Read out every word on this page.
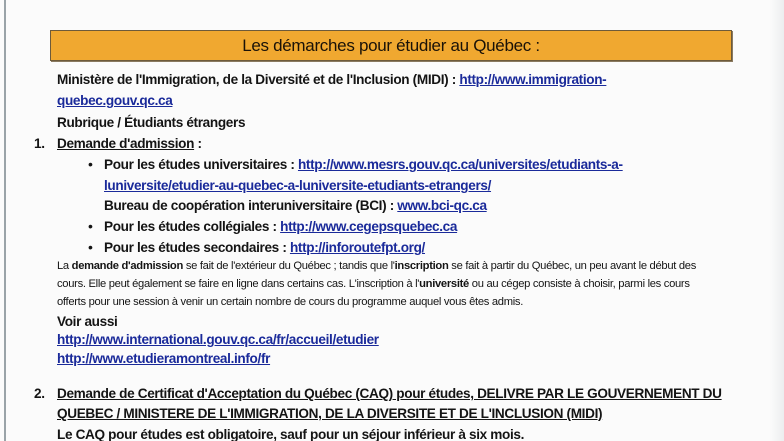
Les démarches pour étudier au Québec :
Ministère de l'Immigration, de la Diversité et de l'Inclusion (MIDI) : http://www.immigration-
quebec.gouv.qc.ca
Rubrique / Étudiants étrangers
1. Demande d'admission :
• Pour les études universitaires : http://www.mesrs.gouv.qc.ca/universites/etudiants-a-
luniversite/etudier-au-quebec-a-luniversite-etudiants-etrangers/
Bureau de coopération interuniversitaire (BCI) : www.bci-qc.ca
• Pour les études collégiales : http://www.cegepsquebec.ca
• Pour les études secondaires : http://inforoutefpt.org/
La demande d'admission se fait de l'extérieur du Québec ; tandis que l'inscription se fait à partir du Québec, un peu avant le début des
cours. Elle peut également se faire en ligne dans certains cas. L'inscription à l'université ou au cégep consiste à choisir, parmi les cours
offerts pour une session à venir un certain nombre de cours du programme auquel vous êtes admis.
Voir aussi
http://www.international.gouv.qc.ca/fr/accueil/etudier
http://www.etudieramontreal.info/fr
2. Demande de Certificat d'Acceptation du Québec (CAQ) pour études, DELIVRE PAR LE GOUVERNEMENT DU
QUEBEC / MINISTERE DE L'IMMIGRATION, DE LA DIVERSITE ET DE L'INCLUSION (MIDI)
Le CAQ pour études est obligatoire, sauf pour un séjour inférieur à six mois.
